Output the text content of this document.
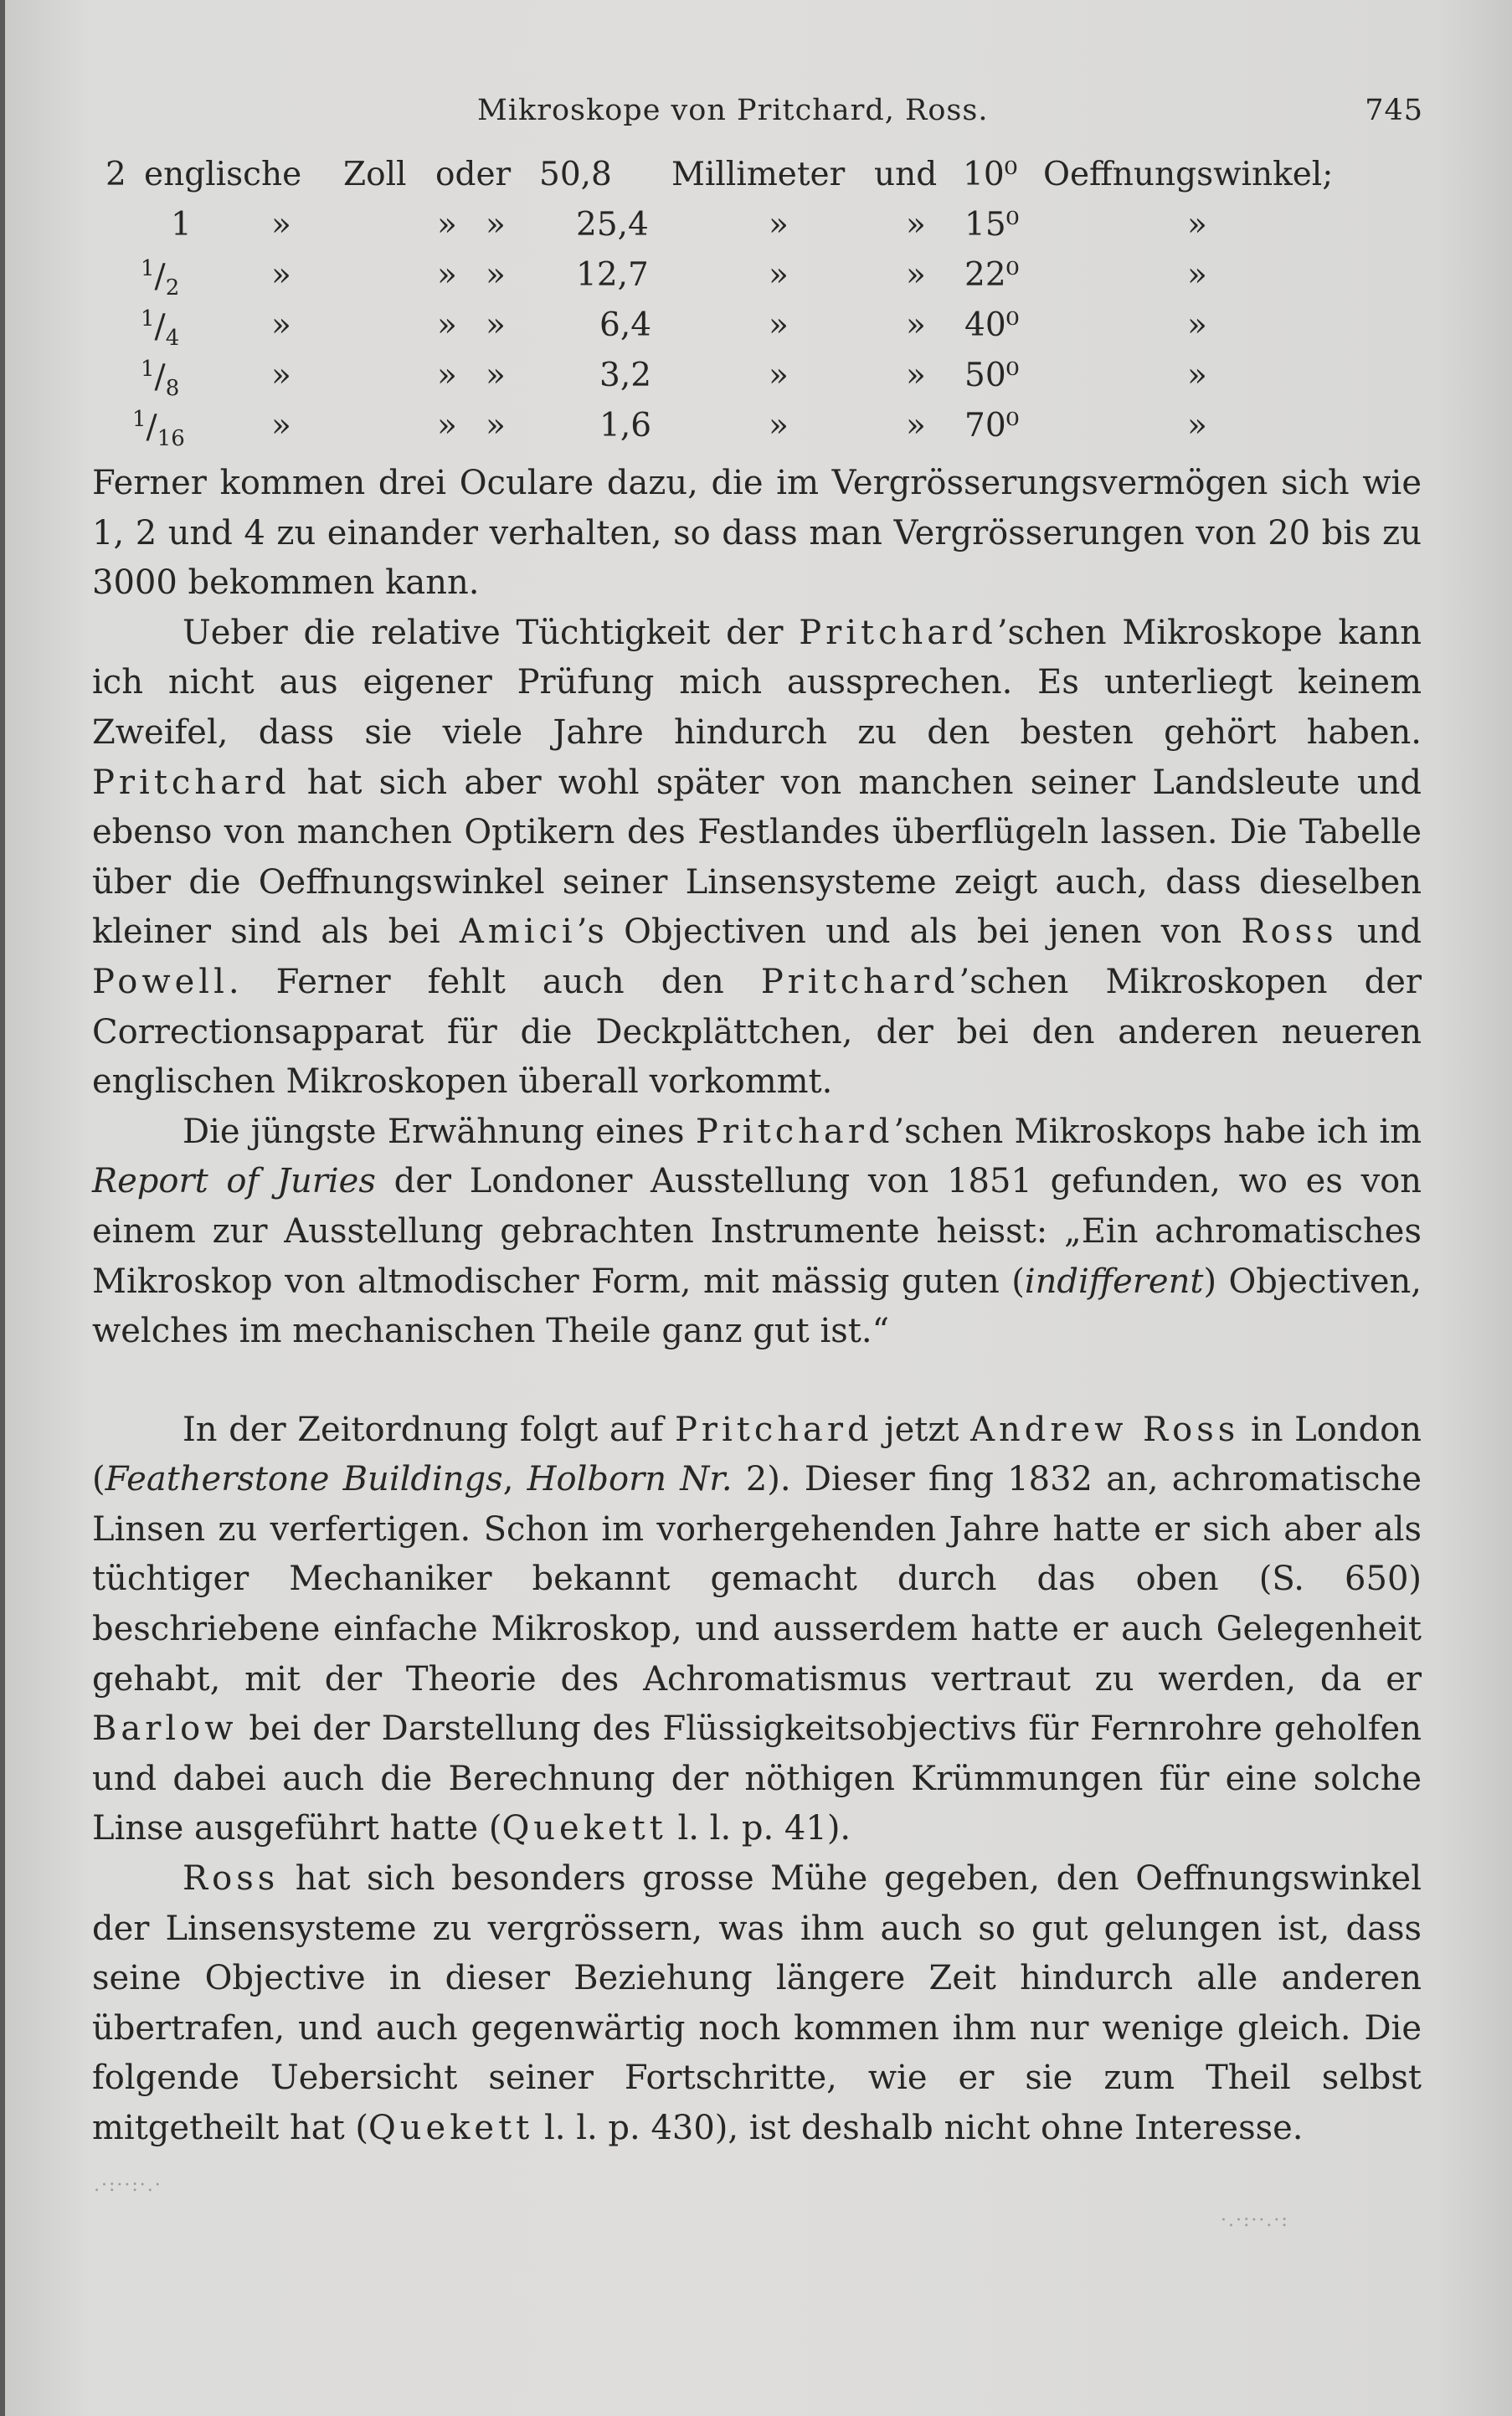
Mikroskope von Pritchard, Ross.	745
2 englische Zoll oder 50,8 Millimeter und 10⁰ Oeffnungswinkel;
1 »	» » 25,4	»	» 15⁰	»
$^1/_2$	»	» » 12,7	»	» 22⁰	»
$^1/_4$	»	» »	6,4	»	» 40⁰	»
$^1/_8$	»	» »	3,2	»	» 50⁰	»
$^1/_{16}$	»	» »	1,6	»	» 70⁰	»

Ferner kommen drei Oculare dazu, die im Vergrösserungsvermögen sich wie 1, 2 und 4 zu einander verhalten, so dass man Vergrösserungen von 20 bis zu 3000 bekommen kann.

Ueber die relative Tüchtigkeit der Pritchard’schen Mikroskope kann ich nicht aus eigener Prüfung mich aussprechen. Es unterliegt keinem Zweifel, dass sie viele Jahre hindurch zu den besten gehört haben. Pritchard hat sich aber wohl später von manchen seiner Landsleute und ebenso von manchen Optikern des Festlandes überflügeln lassen. Die Tabelle über die Oeffnungswinkel seiner Linsensysteme zeigt auch, dass dieselben kleiner sind als bei Amici’s Objectiven und als bei jenen von Ross und Powell. Ferner fehlt auch den Pritchard’schen Mikroskopen der Correctionsapparat für die Deckplättchen, der bei den anderen neueren englischen Mikroskopen überall vorkommt.

Die jüngste Erwähnung eines Pritchard’schen Mikroskops habe ich im Report of Juries der Londoner Ausstellung von 1851 gefunden, wo es von einem zur Ausstellung gebrachten Instrumente heisst: „Ein achromatisches Mikroskop von altmodischer Form, mit mässig guten (indifferent) Objectiven, welches im mechanischen Theile ganz gut ist.“

In der Zeitordnung folgt auf Pritchard jetzt Andrew Ross in London (Featherstone Buildings, Holborn Nr. 2). Dieser fing 1832 an, achromatische Linsen zu verfertigen. Schon im vorhergehenden Jahre hatte er sich aber als tüchtiger Mechaniker bekannt gemacht durch das oben (S. 650) beschriebene einfache Mikroskop, und ausserdem hatte er auch Gelegenheit gehabt, mit der Theorie des Achromatismus vertraut zu werden, da er Barlow bei der Darstellung des Flüssigkeitsobjectivs für Fernrohre geholfen und dabei auch die Berechnung der nöthigen Krümmungen für eine solche Linse ausgeführt hatte (Quekett l. l. p. 41).

Ross hat sich besonders grosse Mühe gegeben, den Oeffnungswinkel der Linsensysteme zu vergrössern, was ihm auch so gut gelungen ist, dass seine Objective in dieser Beziehung längere Zeit hindurch alle anderen übertrafen, und auch gegenwärtig noch kommen ihm nur wenige gleich. Die folgende Uebersicht seiner Fortschritte, wie er sie zum Theil selbst mitgetheilt hat (Quekett l. l. p. 430), ist deshalb nicht ohne Interesse.

.·:··:·.·
·.·:··.·:
